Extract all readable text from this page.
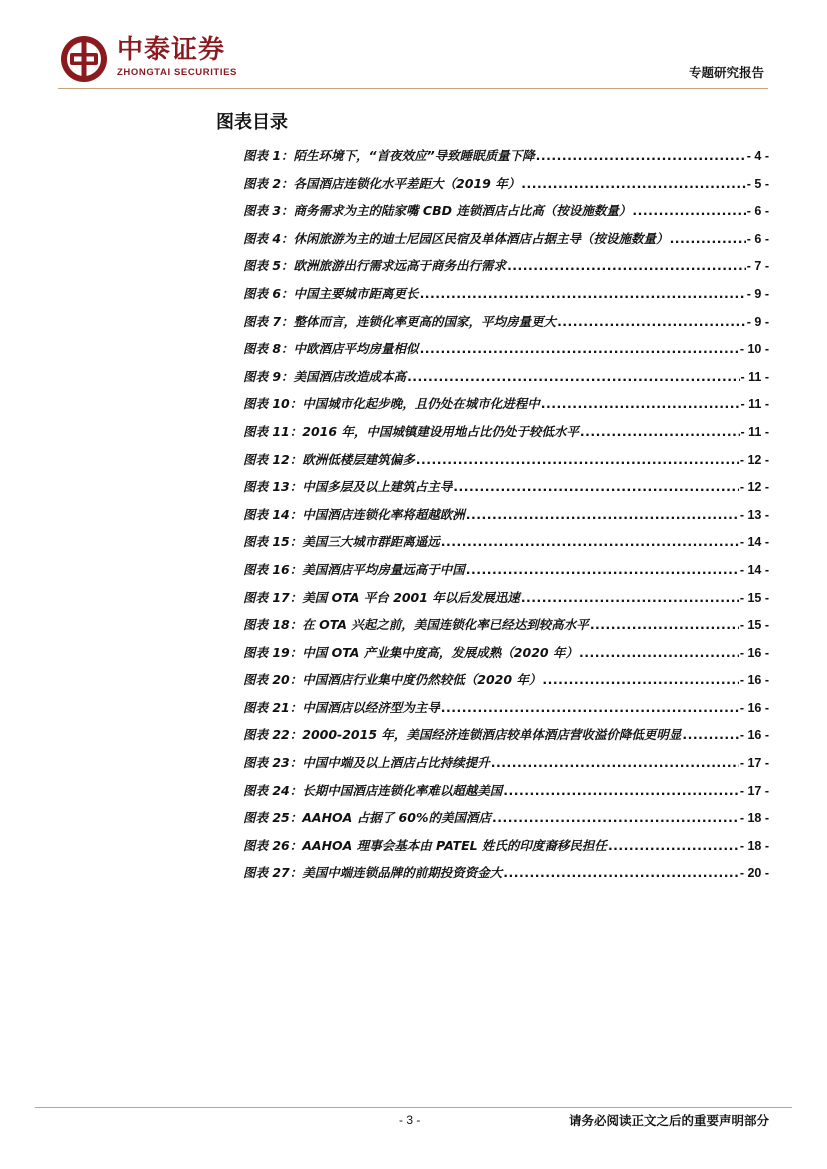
中泰证券
ZHONGTAI SECURITIES	专题研究报告
图表目录
图表 1：陌生环境下，“首夜效应”导致睡眠质量下降 .....	- 4 -
图表 2：各国酒店连锁化水平差距大（2019 年） .....	- 5 -
图表 3：商务需求为主的陆家嘴 CBD 连锁酒店占比高（按设施数量） .....	- 6 -
图表 4：休闲旅游为主的迪士尼园区民宿及单体酒店占据主导（按设施数量） .....	- 6 -
图表 5：欧洲旅游出行需求远高于商务出行需求 .....	- 7 -
图表 6：中国主要城市距离更长 .....	- 9 -
图表 7：整体而言，连锁化率更高的国家，平均房量更大 .....	- 9 -
图表 8：中欧酒店平均房量相似 .....	- 10 -
图表 9：美国酒店改造成本高 .....	- 11 -
图表 10：中国城市化起步晚，且仍处在城市化进程中 .....	- 11 -
图表 11：2016 年，中国城镇建设用地占比仍处于较低水平 .....	- 11 -
图表 12：欧洲低楼层建筑偏多 .....	- 12 -
图表 13：中国多层及以上建筑占主导 .....	- 12 -
图表 14：中国酒店连锁化率将超越欧洲 .....	- 13 -
图表 15：美国三大城市群距离遥远 .....	- 14 -
图表 16：美国酒店平均房量远高于中国 .....	- 14 -
图表 17：美国 OTA 平台 2001 年以后发展迅速 .....	- 15 -
图表 18：在 OTA 兴起之前，美国连锁化率已经达到较高水平 .....	- 15 -
图表 19：中国 OTA 产业集中度高，发展成熟（2020 年） .....	- 16 -
图表 20：中国酒店行业集中度仍然较低（2020 年） .....	- 16 -
图表 21：中国酒店以经济型为主导 .....	- 16 -
图表 22：2000-2015 年，美国经济连锁酒店较单体酒店营收溢价降低更明显 .....	- 16 -
图表 23：中国中端及以上酒店占比持续提升 .....	- 17 -
图表 24：长期中国酒店连锁化率难以超越美国 .....	- 17 -
图表 25：AAHOA 占据了 60%的美国酒店 .....	- 18 -
图表 26：AAHOA 理事会基本由 PATEL 姓氏的印度裔移民担任 .....	- 18 -
图表 27：美国中端连锁品牌的前期投资资金大 .....	- 20 -
- 3 -	请务必阅读正文之后的重要声明部分
